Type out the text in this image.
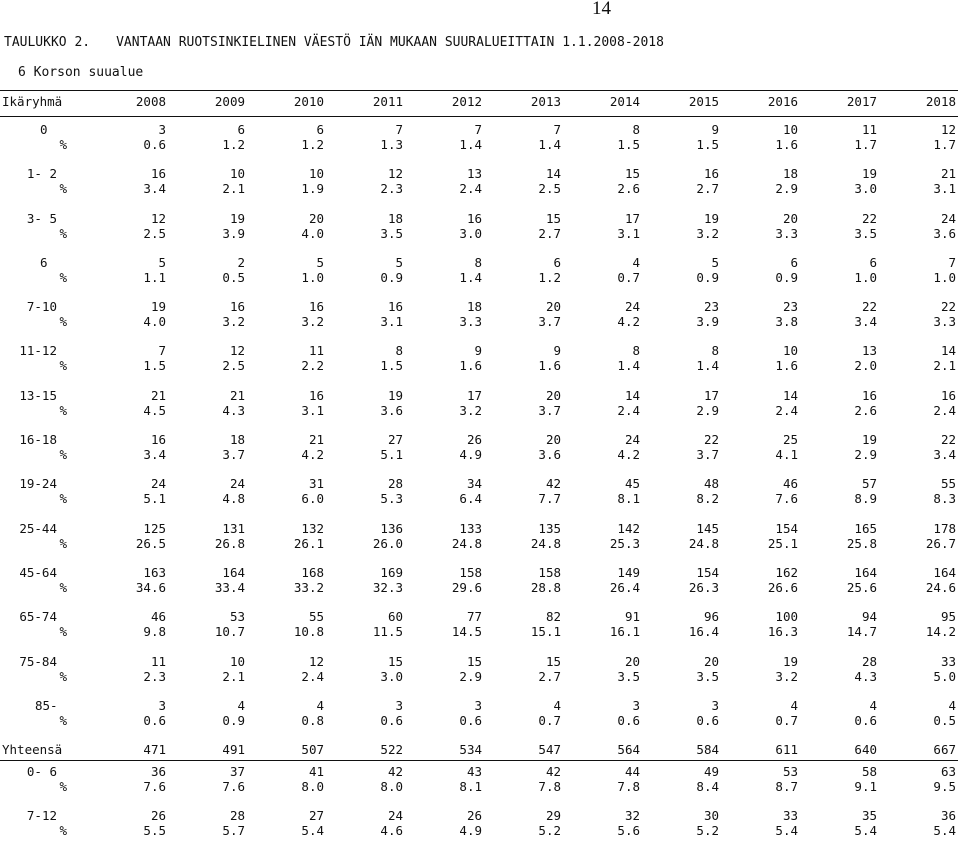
14
TAULUKKO 2. VANTAAN RUOTSINKIELINEN VÄESTÖ IÄN MUKAAN SUURALUEITTAIN 1.1.2008-2018
6 Korson suualue
Ikäryhmä	2008	2009	2010	2011	2012	2013	2014	2015	2016	2017	2018
0	3	6	6	7	7	7	8	9	10	11	12
%	0.6	1.2	1.2	1.3	1.4	1.4	1.5	1.5	1.6	1.7	1.7
1- 2	16	10	10	12	13	14	15	16	18	19	21
%	3.4	2.1	1.9	2.3	2.4	2.5	2.6	2.7	2.9	3.0	3.1
3- 5	12	19	20	18	16	15	17	19	20	22	24
%	2.5	3.9	4.0	3.5	3.0	2.7	3.1	3.2	3.3	3.5	3.6
6	5	2	5	5	8	6	4	5	6	6	7
%	1.1	0.5	1.0	0.9	1.4	1.2	0.7	0.9	0.9	1.0	1.0
7-10	19	16	16	16	18	20	24	23	23	22	22
%	4.0	3.2	3.2	3.1	3.3	3.7	4.2	3.9	3.8	3.4	3.3
11-12	7	12	11	8	9	9	8	8	10	13	14
%	1.5	2.5	2.2	1.5	1.6	1.6	1.4	1.4	1.6	2.0	2.1
13-15	21	21	16	19	17	20	14	17	14	16	16
%	4.5	4.3	3.1	3.6	3.2	3.7	2.4	2.9	2.4	2.6	2.4
16-18	16	18	21	27	26	20	24	22	25	19	22
%	3.4	3.7	4.2	5.1	4.9	3.6	4.2	3.7	4.1	2.9	3.4
19-24	24	24	31	28	34	42	45	48	46	57	55
%	5.1	4.8	6.0	5.3	6.4	7.7	8.1	8.2	7.6	8.9	8.3
25-44	125	131	132	136	133	135	142	145	154	165	178
%	26.5	26.8	26.1	26.0	24.8	24.8	25.3	24.8	25.1	25.8	26.7
45-64	163	164	168	169	158	158	149	154	162	164	164
%	34.6	33.4	33.2	32.3	29.6	28.8	26.4	26.3	26.6	25.6	24.6
65-74	46	53	55	60	77	82	91	96	100	94	95
%	9.8	10.7	10.8	11.5	14.5	15.1	16.1	16.4	16.3	14.7	14.2
75-84	11	10	12	15	15	15	20	20	19	28	33
%	2.3	2.1	2.4	3.0	2.9	2.7	3.5	3.5	3.2	4.3	5.0
85-	3	4	4	3	3	4	3	3	4	4	4
%	0.6	0.9	0.8	0.6	0.6	0.7	0.6	0.6	0.7	0.6	0.5
Yhteensä	471	491	507	522	534	547	564	584	611	640	667
0- 6	36	37	41	42	43	42	44	49	53	58	63
%	7.6	7.6	8.0	8.0	8.1	7.8	7.8	8.4	8.7	9.1	9.5
7-12	26	28	27	24	26	29	32	30	33	35	36
%	5.5	5.7	5.4	4.6	4.9	5.2	5.6	5.2	5.4	5.4	5.4
